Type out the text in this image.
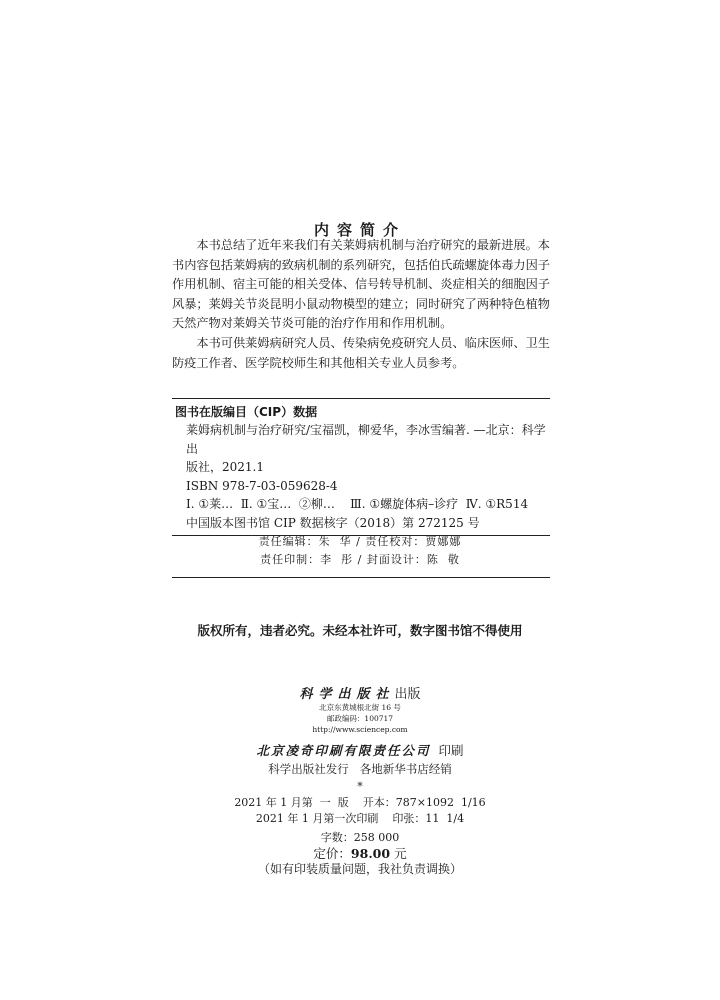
内容简介

本书总结了近年来我们有关莱姆病机制与治疗研究的最新进展。本书内容包括莱姆病的致病机制的系列研究，包括伯氏疏螺旋体毒力因子作用机制、宿主可能的相关受体、信号转导机制、炎症相关的细胞因子风暴；莱姆关节炎昆明小鼠动物模型的建立；同时研究了两种特色植物天然产物对莱姆关节炎可能的治疗作用和作用机制。

本书可供莱姆病研究人员、传染病免疫研究人员、临床医师、卫生防疫工作者、医学院校师生和其他相关专业人员参考。

图书在版编目（CIP）数据
莱姆病机制与治疗研究/宝福凯，柳爱华，李冰雪编著. —北京：科学出
版社，2021.1
ISBN 978-7-03-059628-4
Ⅰ. ①莱…  Ⅱ. ①宝…  ②柳…    Ⅲ. ①螺旋体病–诊疗  Ⅳ. ①R514
中国版本图书馆 CIP 数据核字（2018）第 272125 号
责任编辑：朱  华 / 责任校对：贾娜娜
责任印制：李  彤 / 封面设计：陈  敬
版权所有，违者必究。未经本社许可，数字图书馆不得使用
科学出版社出版
北京东黄城根北街 16 号
邮政编码：100717
http://www.sciencep.com
北京凌奇印刷有限责任公司 印刷
科学出版社发行   各地新华书店经销
*
2021 年 1 月第  一  版    开本：787×1092  1/16
2021 年 1 月第一次印刷    印张：11  1/4
字数：258 000
定价：98.00 元
（如有印装质量问题，我社负责调换）
